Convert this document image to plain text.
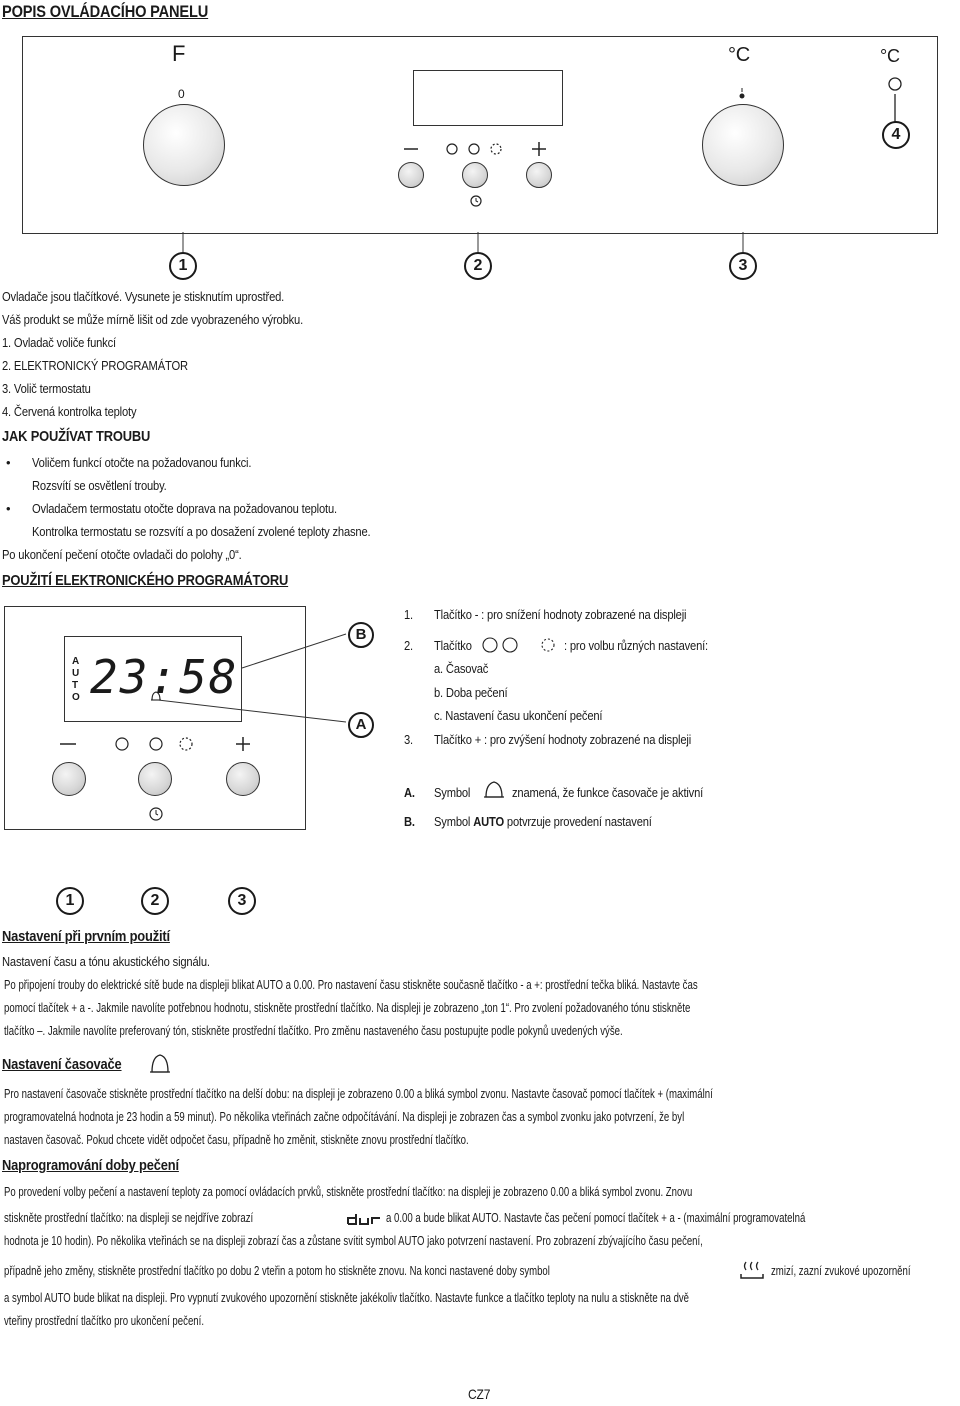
POPIS OVLÁDACÍHO PANELU
F
0
°C	°C
4
1	2	3
Ovladače jsou tlačítkové. Vysunete je stisknutím uprostřed.
Váš produkt se může mírně lišit od zde vyobrazeného výrobku.
1. Ovladač voliče funkcí
2. ELEKTRONICKÝ PROGRAMÁTOR
3. Volič termostatu
4. Červená kontrolka teploty
JAK POUŽÍVAT TROUBU
• Voličem funkcí otočte na požadovanou funkci.
Rozsvítí se osvětlení trouby.
• Ovladačem termostatu otočte doprava na požadovanou teplotu.
Kontrolka termostatu se rozsvítí a po dosažení zvolené teploty zhasne.
Po ukončení pečení otočte ovladači do polohy „0“.
POUŽITÍ ELEKTRONICKÉHO PROGRAMÁTORU
A
U
T
O 23:58
B
A
1. Tlačítko - : pro snížení hodnoty zobrazené na displeji
2. Tlačítko	: pro volbu různých nastavení:
a. Časovač
b. Doba pečení
c. Nastavení času ukončení pečení
3. Tlačítko + : pro zvýšení hodnoty zobrazené na displeji
A. Symbol	znamená, že funkce časovače je aktivní
B. Symbol AUTO potvrzuje provedení nastavení
1	2	3
Nastavení při prvním použití
Nastavení času a tónu akustického signálu.
Po připojení trouby do elektrické sítě bude na displeji blikat AUTO a 0.00. Pro nastavení času stiskněte současně tlačítko - a +: prostřední tečka bliká. Nastavte čas
pomocí tlačítek + a -. Jakmile navolíte potřebnou hodnotu, stiskněte prostřední tlačítko. Na displeji je zobrazeno „ton 1“. Pro zvolení požadovaného tónu stiskněte
tlačítko –. Jakmile navolíte preferovaný tón, stiskněte prostřední tlačítko. Pro změnu nastaveného času postupujte podle pokynů uvedených výše.
Nastavení časovače
Pro nastavení časovače stiskněte prostřední tlačítko na delší dobu: na displeji je zobrazeno 0.00 a bliká symbol zvonu. Nastavte časovač pomocí tlačítek + (maximální
programovatelná hodnota je 23 hodin a 59 minut). Po několika vteřinách začne odpočítávání. Na displeji je zobrazen čas a symbol zvonku jako potvrzení, že byl
nastaven časovač. Pokud chcete vidět odpočet času, případně ho změnit, stiskněte znovu prostřední tlačítko.
Naprogramování doby pečení
Po provedení volby pečení a nastavení teploty za pomocí ovládacích prvků, stiskněte prostřední tlačítko: na displeji je zobrazeno 0.00 a bliká symbol zvonu. Znovu
stiskněte prostřední tlačítko: na displeji se nejdříve zobrazí	a 0.00 a bude blikat AUTO. Nastavte čas pečení pomocí tlačítek + a - (maximální programovatelná
hodnota je 10 hodin). Po několika vteřinách se na displeji zobrazí čas a zůstane svítit symbol AUTO jako potvrzení nastavení. Pro zobrazení zbývajícího času pečení,
případně jeho změny, stiskněte prostřední tlačítko po dobu 2 vteřin a potom ho stiskněte znovu. Na konci nastavené doby symbol	zmizí, zazní zvukové upozornění
a symbol AUTO bude blikat na displeji. Pro vypnutí zvukového upozornění stiskněte jakékoliv tlačítko. Nastavte funkce a tlačítko teploty na nulu a stiskněte na dvě
vteřiny prostřední tlačítko pro ukončení pečení.
CZ7
